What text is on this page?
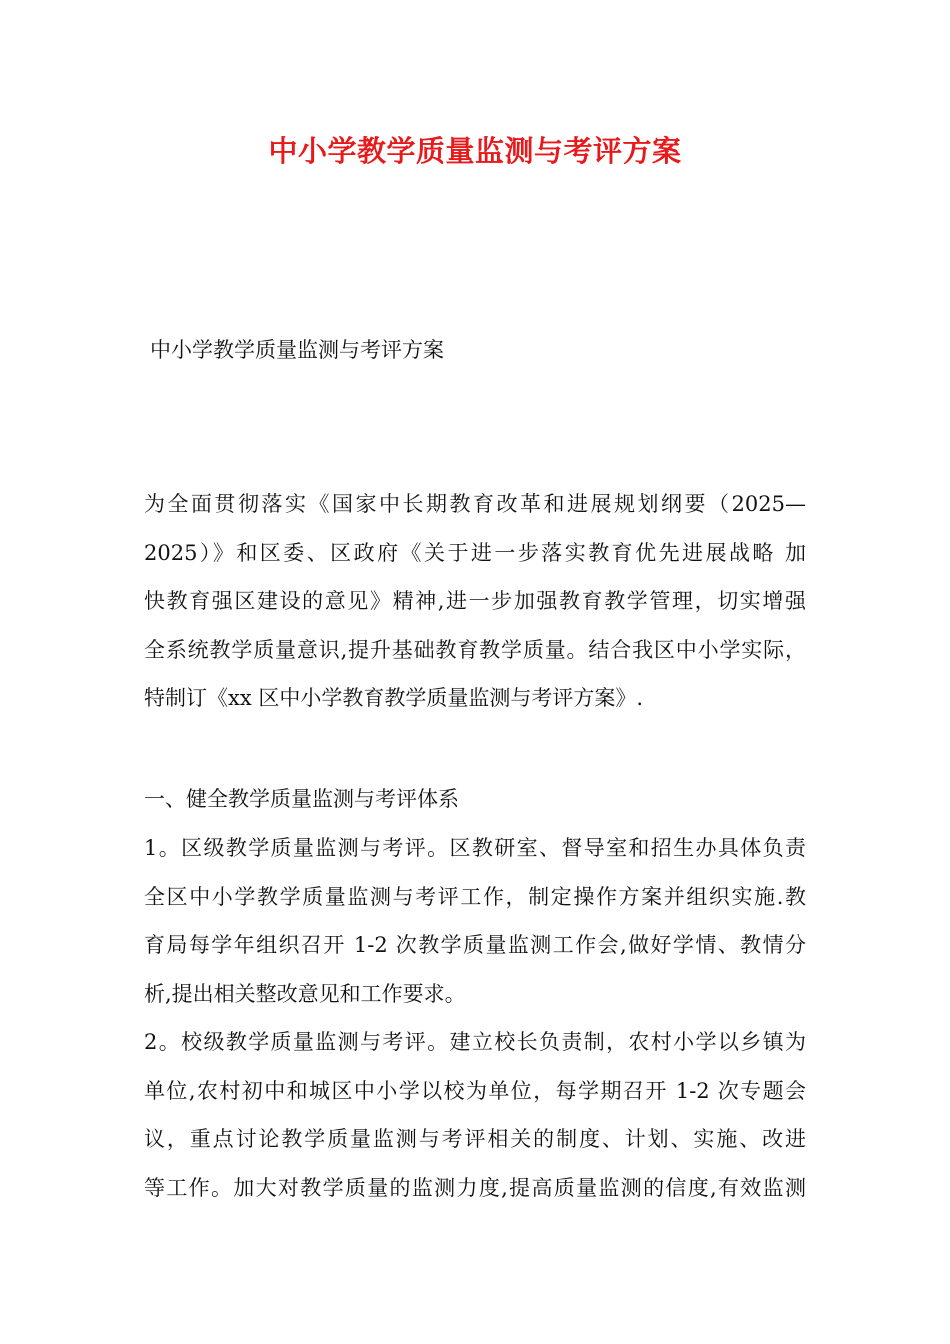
中小学教学质量监测与考评方案
中小学教学质量监测与考评方案
为全面贯彻落实《国家中长期教育改革和进展规划纲要（2025—
2025）》和区委、区政府《关于进一步落实教育优先进展战略 加
快教育强区建设的意见》精神,进一步加强教育教学管理，切实增强
全系统教学质量意识,提升基础教育教学质量。结合我区中小学实际，
特制订《xx 区中小学教育教学质量监测与考评方案》.
一、健全教学质量监测与考评体系
1。区级教学质量监测与考评。区教研室、督导室和招生办具体负责
全区中小学教学质量监测与考评工作，制定操作方案并组织实施.教
育局每学年组织召开 1-2 次教学质量监测工作会,做好学情、教情分
析,提出相关整改意见和工作要求。
2。校级教学质量监测与考评。建立校长负责制，农村小学以乡镇为
单位,农村初中和城区中小学以校为单位，每学期召开 1-2 次专题会
议，重点讨论教学质量监测与考评相关的制度、计划、实施、改进
等工作。加大对教学质量的监测力度,提高质量监测的信度,有效监测
